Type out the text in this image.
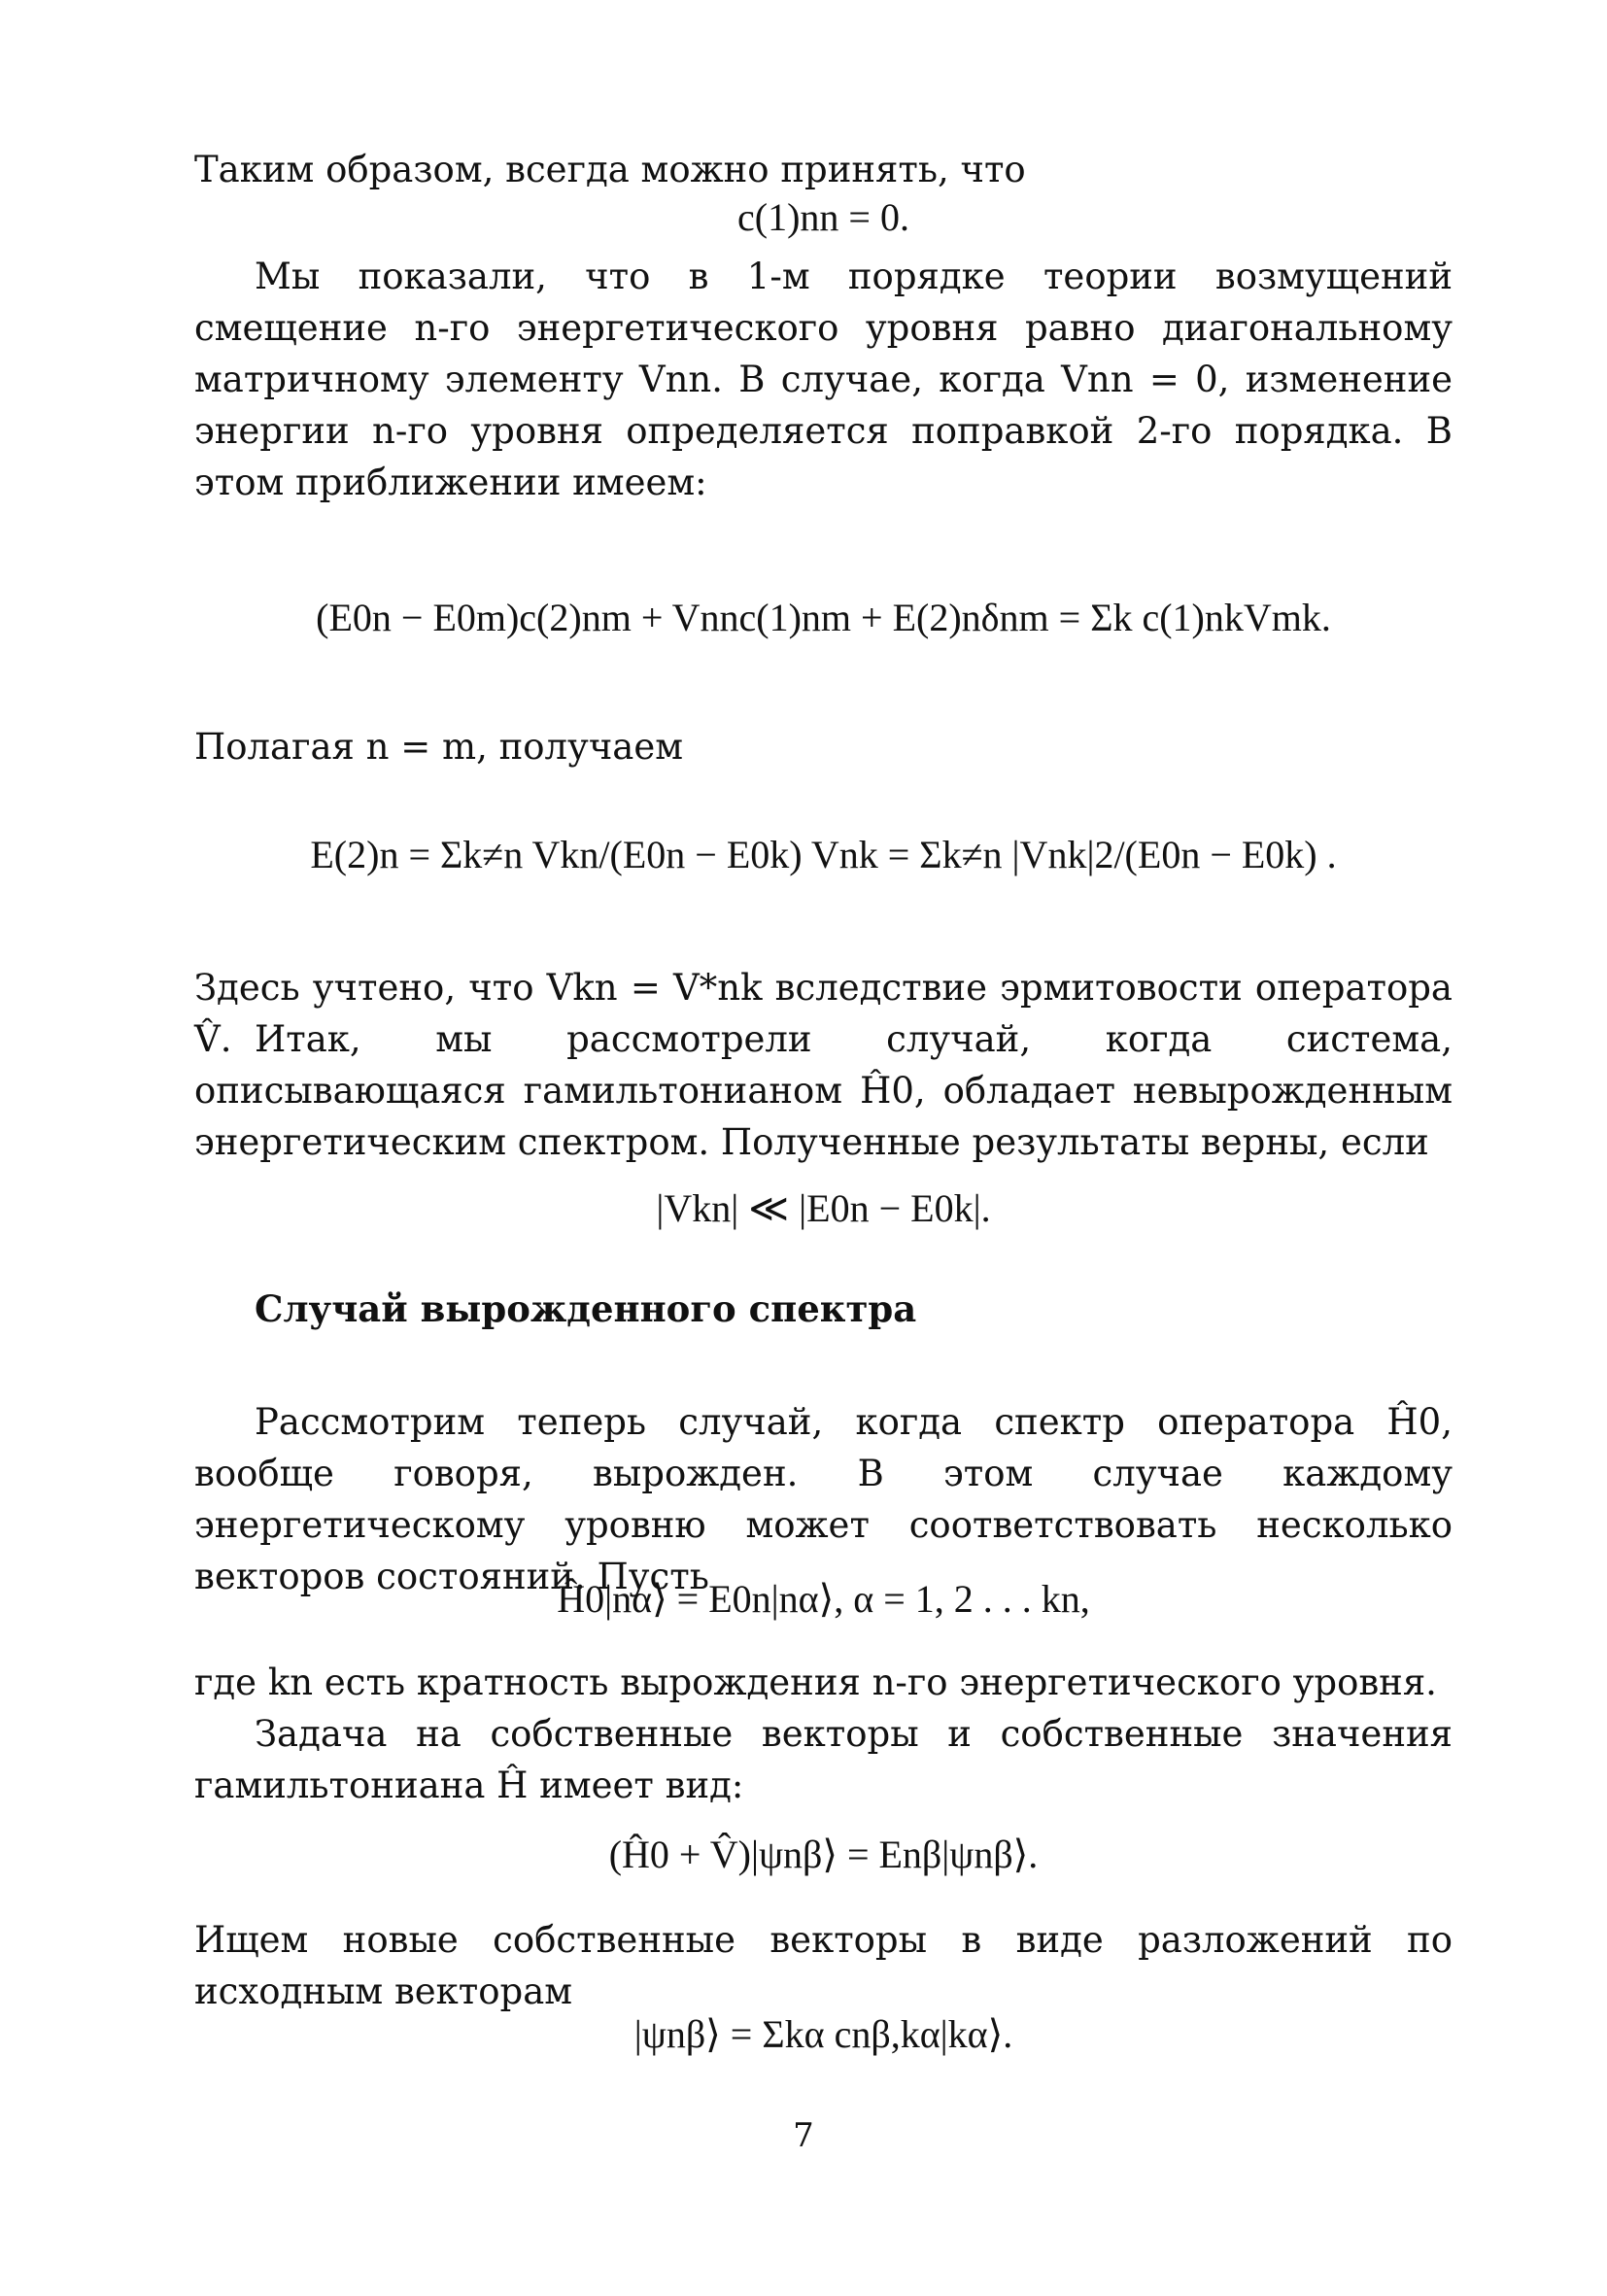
Таким образом, всегда можно принять, что

c(1)nn = 0.

Мы показали, что в 1-м порядке теории возмущений смещение n-го энергетического уровня равно диагональному матричному элементу Vnn. В случае, когда Vnn = 0, изменение энергии n-го уровня определяется поправкой 2-го порядка. В этом приближении имеем:

(E0n − E0m)c(2)nm + Vnnc(1)nm + E(2)nδnm = Σk c(1)nkVmk.

Полагая n = m, получаем

E(2)n = Σk≠n Vkn/(E0n − E0k) Vnk = Σk≠n |Vnk|2/(E0n − E0k) .

Здесь учтено, что Vkn = V*nk вследствие эрмитовости оператора V̂. Итак, мы рассмотрели случай, когда система, описывающаяся гамильтонианом Ĥ0, обладает невырожденным энергетическим спектром. Полученные результаты верны, если

|Vkn| ≪ |E0n − E0k|.
Случай вырожденного спектра

Рассмотрим теперь случай, когда спектр оператора Ĥ0, вообще говоря, вырожден. В этом случае каждому энергетическому уровню может соответствовать несколько векторов состояний. Пусть

Ĥ0|nα⟩ = E0n|nα⟩, α = 1, 2 . . . kn,

где kn есть кратность вырождения n-го энергетического уровня.

Задача на собственные векторы и собственные значения гамильтониана Ĥ имеет вид:

(Ĥ0 + V̂)|ψnβ⟩ = Enβ|ψnβ⟩.

Ищем новые собственные векторы в виде разложений по исходным векторам

|ψnβ⟩ = Σkα cnβ,kα|kα⟩.
7
